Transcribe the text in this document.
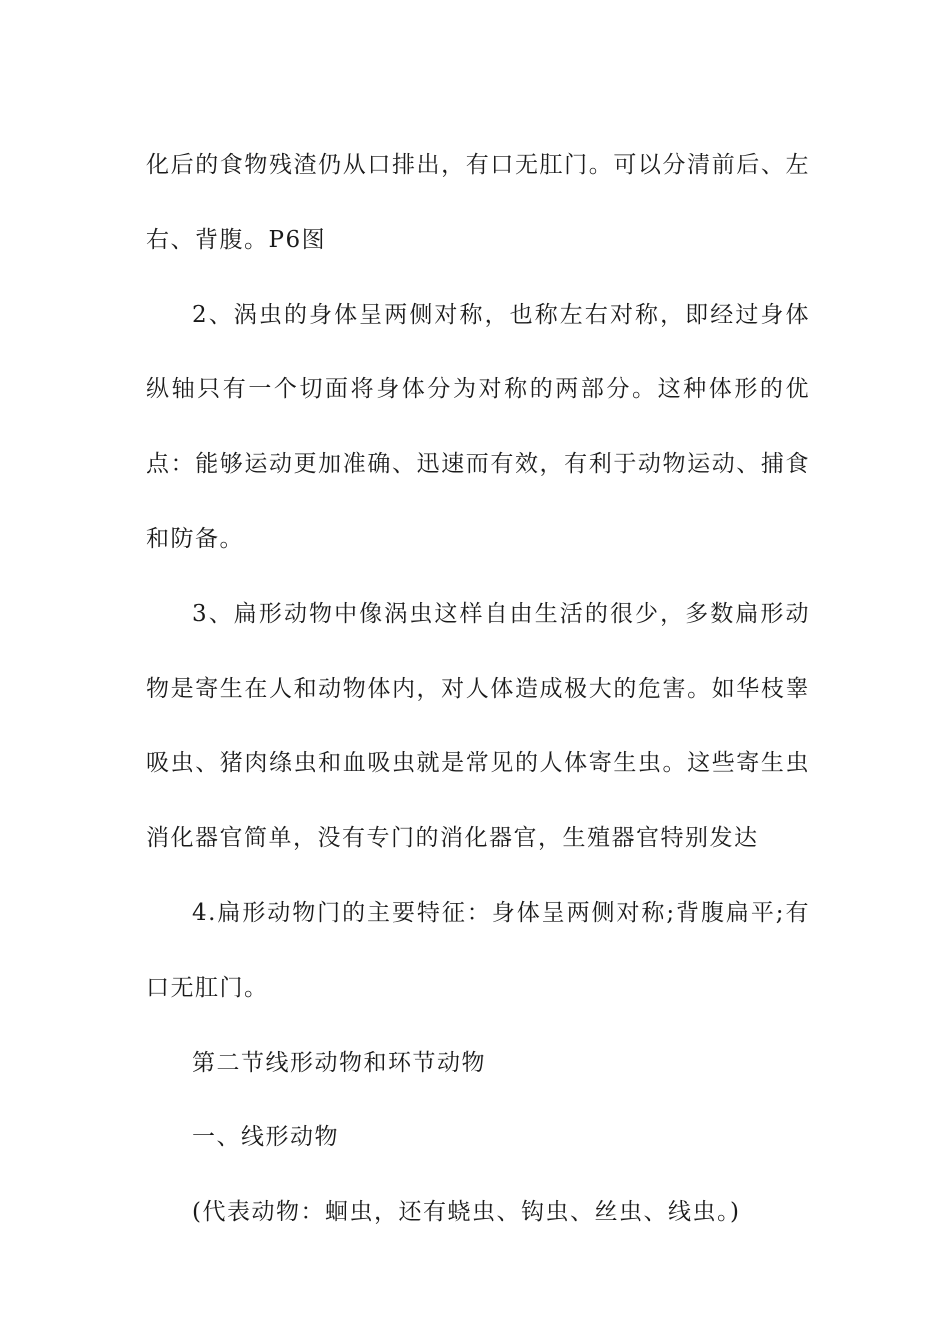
化后的食物残渣仍从口排出，有口无肛门。可以分清前后、左右、背腹。P6图

2、涡虫的身体呈两侧对称，也称左右对称，即经过身体纵轴只有一个切面将身体分为对称的两部分。这种体形的优点：能够运动更加准确、迅速而有效，有利于动物运动、捕食和防备。

3、扁形动物中像涡虫这样自由生活的很少，多数扁形动物是寄生在人和动物体内，对人体造成极大的危害。如华枝睾吸虫、猪肉绦虫和血吸虫就是常见的人体寄生虫。这些寄生虫消化器官简单，没有专门的消化器官，生殖器官特别发达

4.扁形动物门的主要特征：身体呈两侧对称;背腹扁平;有口无肛门。

第二节线形动物和环节动物

一、线形动物

(代表动物：蛔虫，还有蛲虫、钩虫、丝虫、线虫。)
